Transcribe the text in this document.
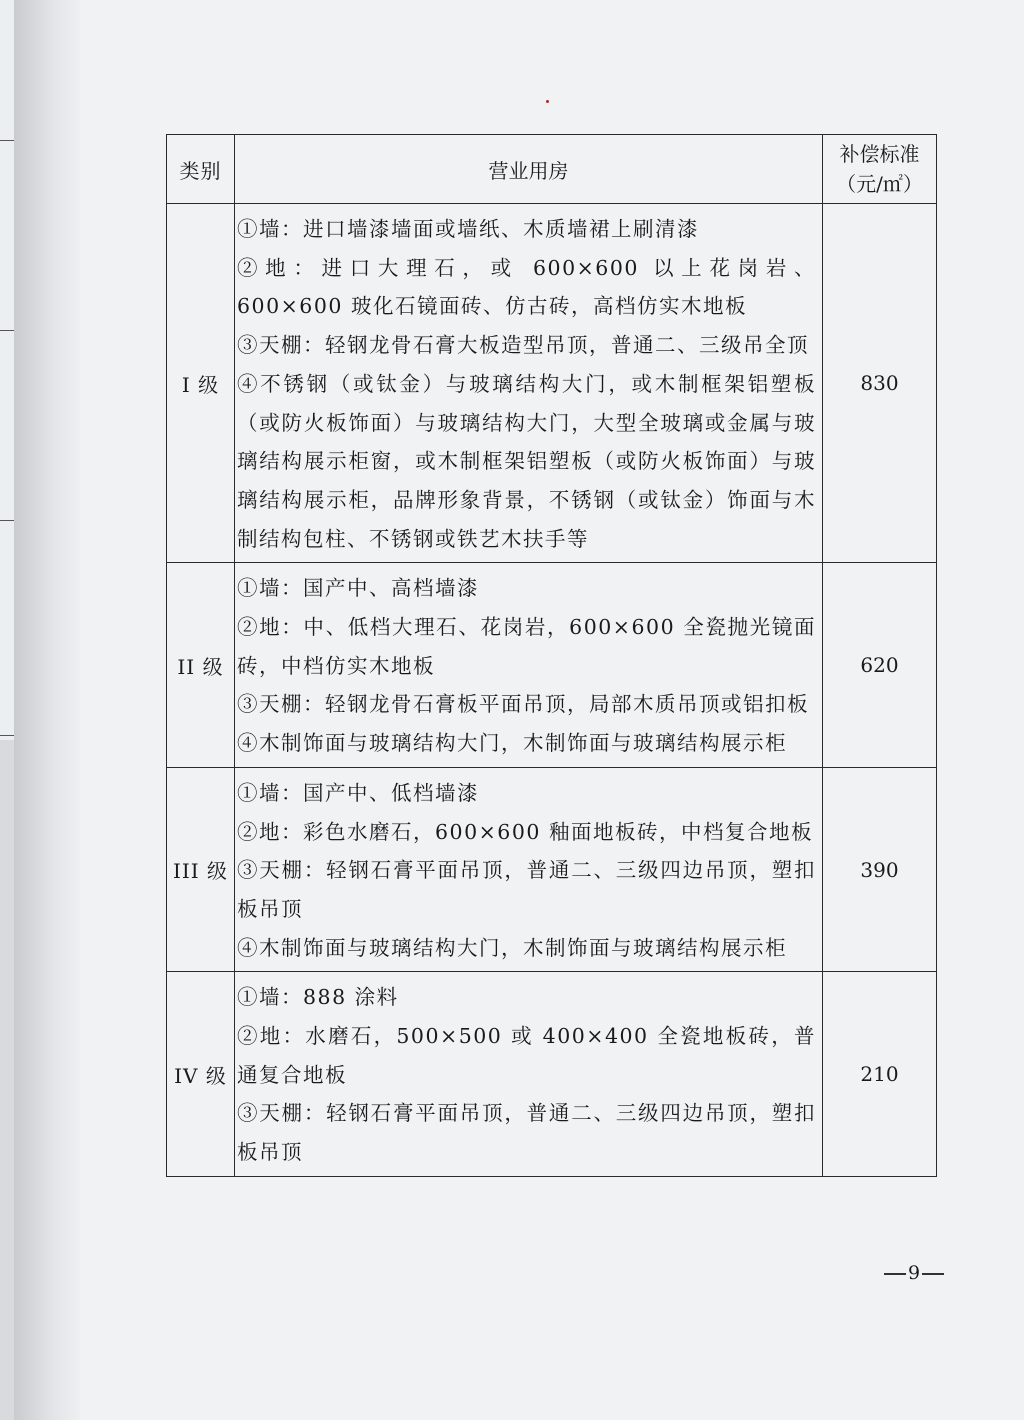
类别	营业用房	补偿标准
（元/㎡）

I 级	①墙：进口墙漆墙面或墙纸、木质墙裙上刷清漆
②地：进口大理石，或 600×600 以上花岗岩、600×600 玻化石镜面砖、仿古砖，高档仿实木地板
③天棚：轻钢龙骨石膏大板造型吊顶，普通二、三级吊全顶
④不锈钢（或钛金）与玻璃结构大门，或木制框架铝塑板（或防火板饰面）与玻璃结构大门，大型全玻璃或金属与玻璃结构展示柜窗，或木制框架铝塑板（或防火板饰面）与玻璃结构展示柜，品牌形象背景，不锈钢（或钛金）饰面与木制结构包柱、不锈钢或铁艺木扶手等	830
II 级	①墙：国产中、高档墙漆
②地：中、低档大理石、花岗岩，600×600 全瓷抛光镜面砖，中档仿实木地板
③天棚：轻钢龙骨石膏板平面吊顶，局部木质吊顶或铝扣板
④木制饰面与玻璃结构大门，木制饰面与玻璃结构展示柜	620
III 级	①墙：国产中、低档墙漆
②地：彩色水磨石，600×600 釉面地板砖，中档复合地板
③天棚：轻钢石膏平面吊顶，普通二、三级四边吊顶，塑扣板吊顶
④木制饰面与玻璃结构大门，木制饰面与玻璃结构展示柜	390
IV 级	①墙：888 涂料
②地：水磨石，500×500 或 400×400 全瓷地板砖，普通复合地板
③天棚：轻钢石膏平面吊顶，普通二、三级四边吊顶，塑扣板吊顶	210
9
